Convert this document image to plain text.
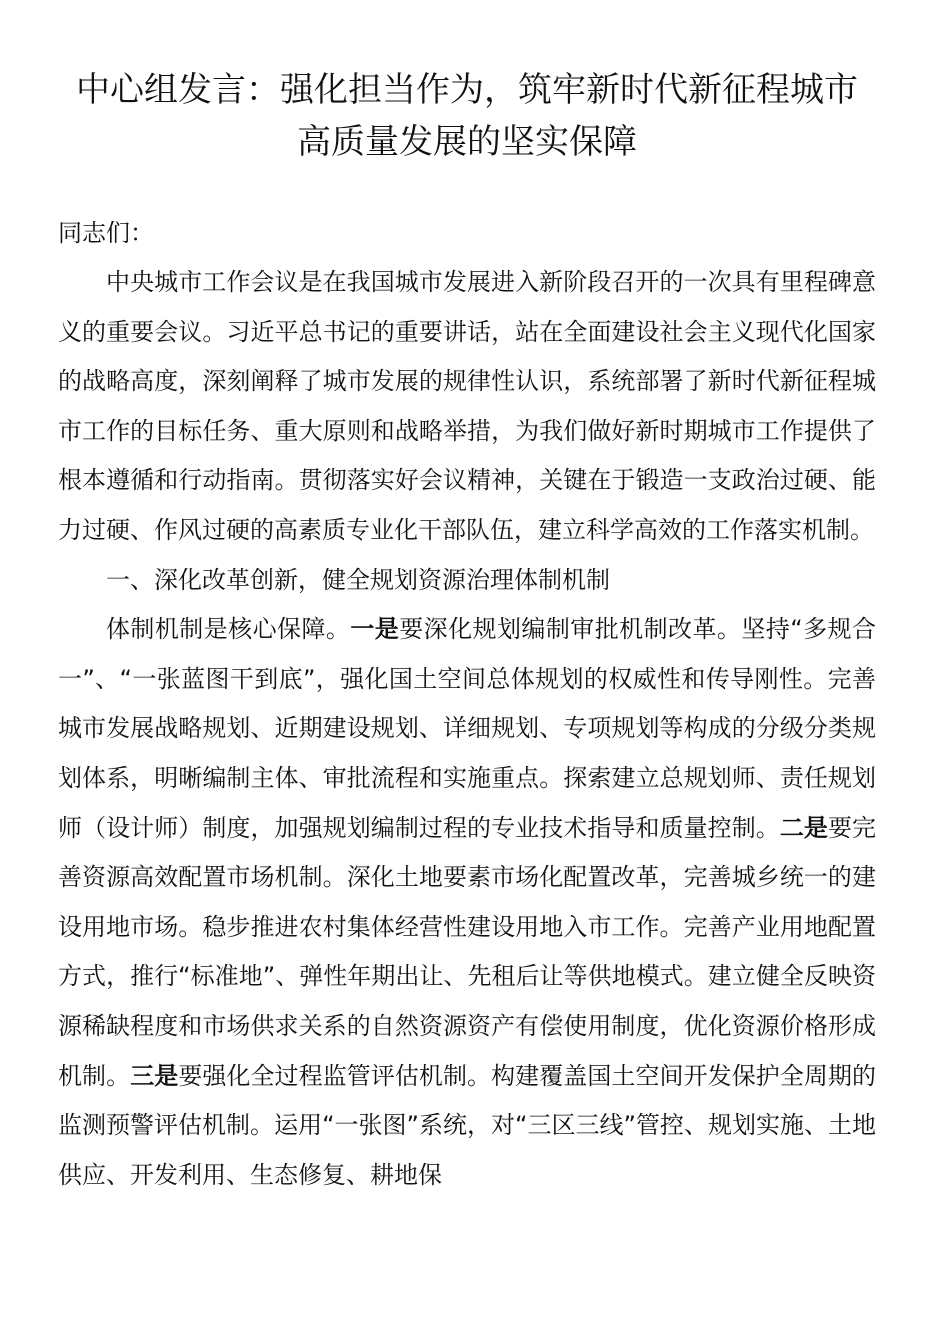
中心组发言：强化担当作为，筑牢新时代新征程城市
高质量发展的坚实保障
同志们：

中央城市工作会议是在我国城市发展进入新阶段召开的一次具有里程碑意义的重要会议。习近平总书记的重要讲话，站在全面建设社会主义现代化国家的战略高度，深刻阐释了城市发展的规律性认识，系统部署了新时代新征程城市工作的目标任务、重大原则和战略举措，为我们做好新时期城市工作提供了根本遵循和行动指南。贯彻落实好会议精神，关键在于锻造一支政治过硬、能力过硬、作风过硬的高素质专业化干部队伍，建立科学高效的工作落实机制。

一、深化改革创新，健全规划资源治理体制机制

体制机制是核心保障。一是要深化规划编制审批机制改革。坚持“多规合一”、“一张蓝图干到底”，强化国土空间总体规划的权威性和传导刚性。完善城市发展战略规划、近期建设规划、详细规划、专项规划等构成的分级分类规划体系，明晰编制主体、审批流程和实施重点。探索建立总规划师、责任规划师（设计师）制度，加强规划编制过程的专业技术指导和质量控制。二是要完善资源高效配置市场机制。深化土地要素市场化配置改革，完善城乡统一的建设用地市场。稳步推进农村集体经营性建设用地入市工作。完善产业用地配置方式，推行“标准地”、弹性年期出让、先租后让等供地模式。建立健全反映资源稀缺程度和市场供求关系的自然资源资产有偿使用制度，优化资源价格形成机制。三是要强化全过程监管评估机制。构建覆盖国土空间开发保护全周期的监测预警评估机制。运用“一张图”系统，对“三区三线”管控、规划实施、土地供应、开发利用、生态修复、耕地保
